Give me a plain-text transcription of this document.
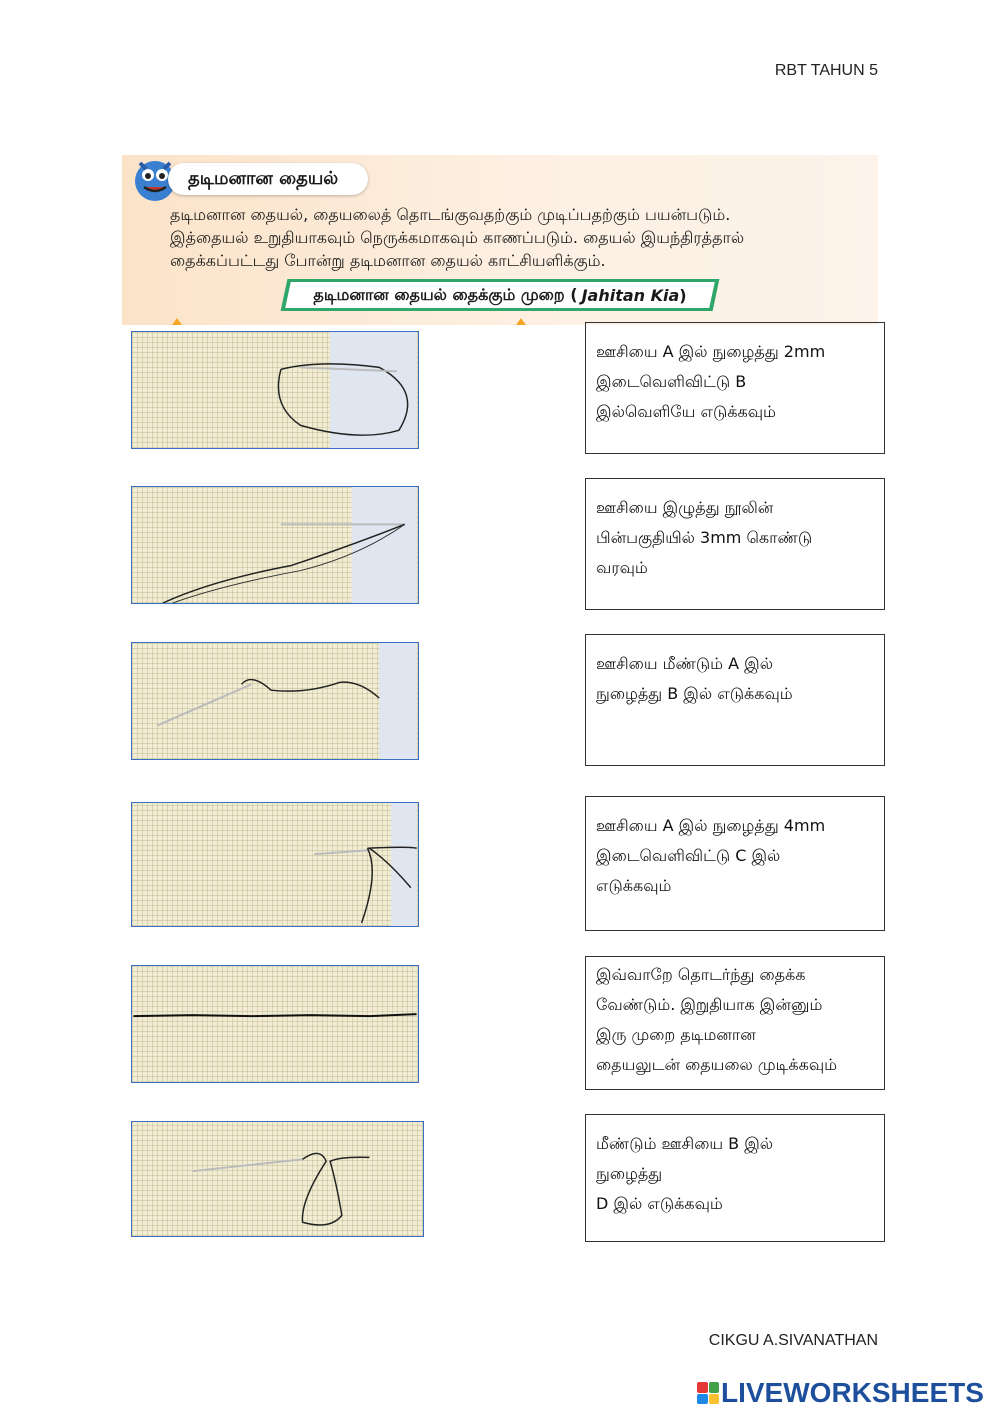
RBT TAHUN 5
தடிமனான தையல்

தடிமனான தையல், தையலைத் தொடங்குவதற்கும் முடிப்பதற்கும் பயன்படும்.
இத்தையல் உறுதியாகவும் நெருக்கமாகவும் காணப்படும். தையல் இயந்திரத்தால்
தைக்கப்பட்டது போன்று தடிமனான தையல் காட்சியளிக்கும்.

தடிமனான தையல் தைக்கும் முறை ( Jahitan Kia )
ஊசியை A இல் நுழைத்து 2mm
இடைவெளிவிட்டு B
இல்வெளியே எடுக்கவும்
ஊசியை இழுத்து நூலின்
பின்பகுதியில் 3mm கொண்டு
வரவும்
ஊசியை மீண்டும் A இல்
நுழைத்து B இல் எடுக்கவும்
ஊசியை A இல் நுழைத்து 4mm
இடைவெளிவிட்டு C இல்
எடுக்கவும்
இவ்வாறே தொடர்ந்து தைக்க
வேண்டும். இறுதியாக இன்னும்
இரு முறை தடிமனான
தையலுடன் தையலை முடிக்கவும்
மீண்டும் ஊசியை B இல்
நுழைத்து
D இல் எடுக்கவும்
CIKGU A.SIVANATHAN
LIVEWORKSHEETS
